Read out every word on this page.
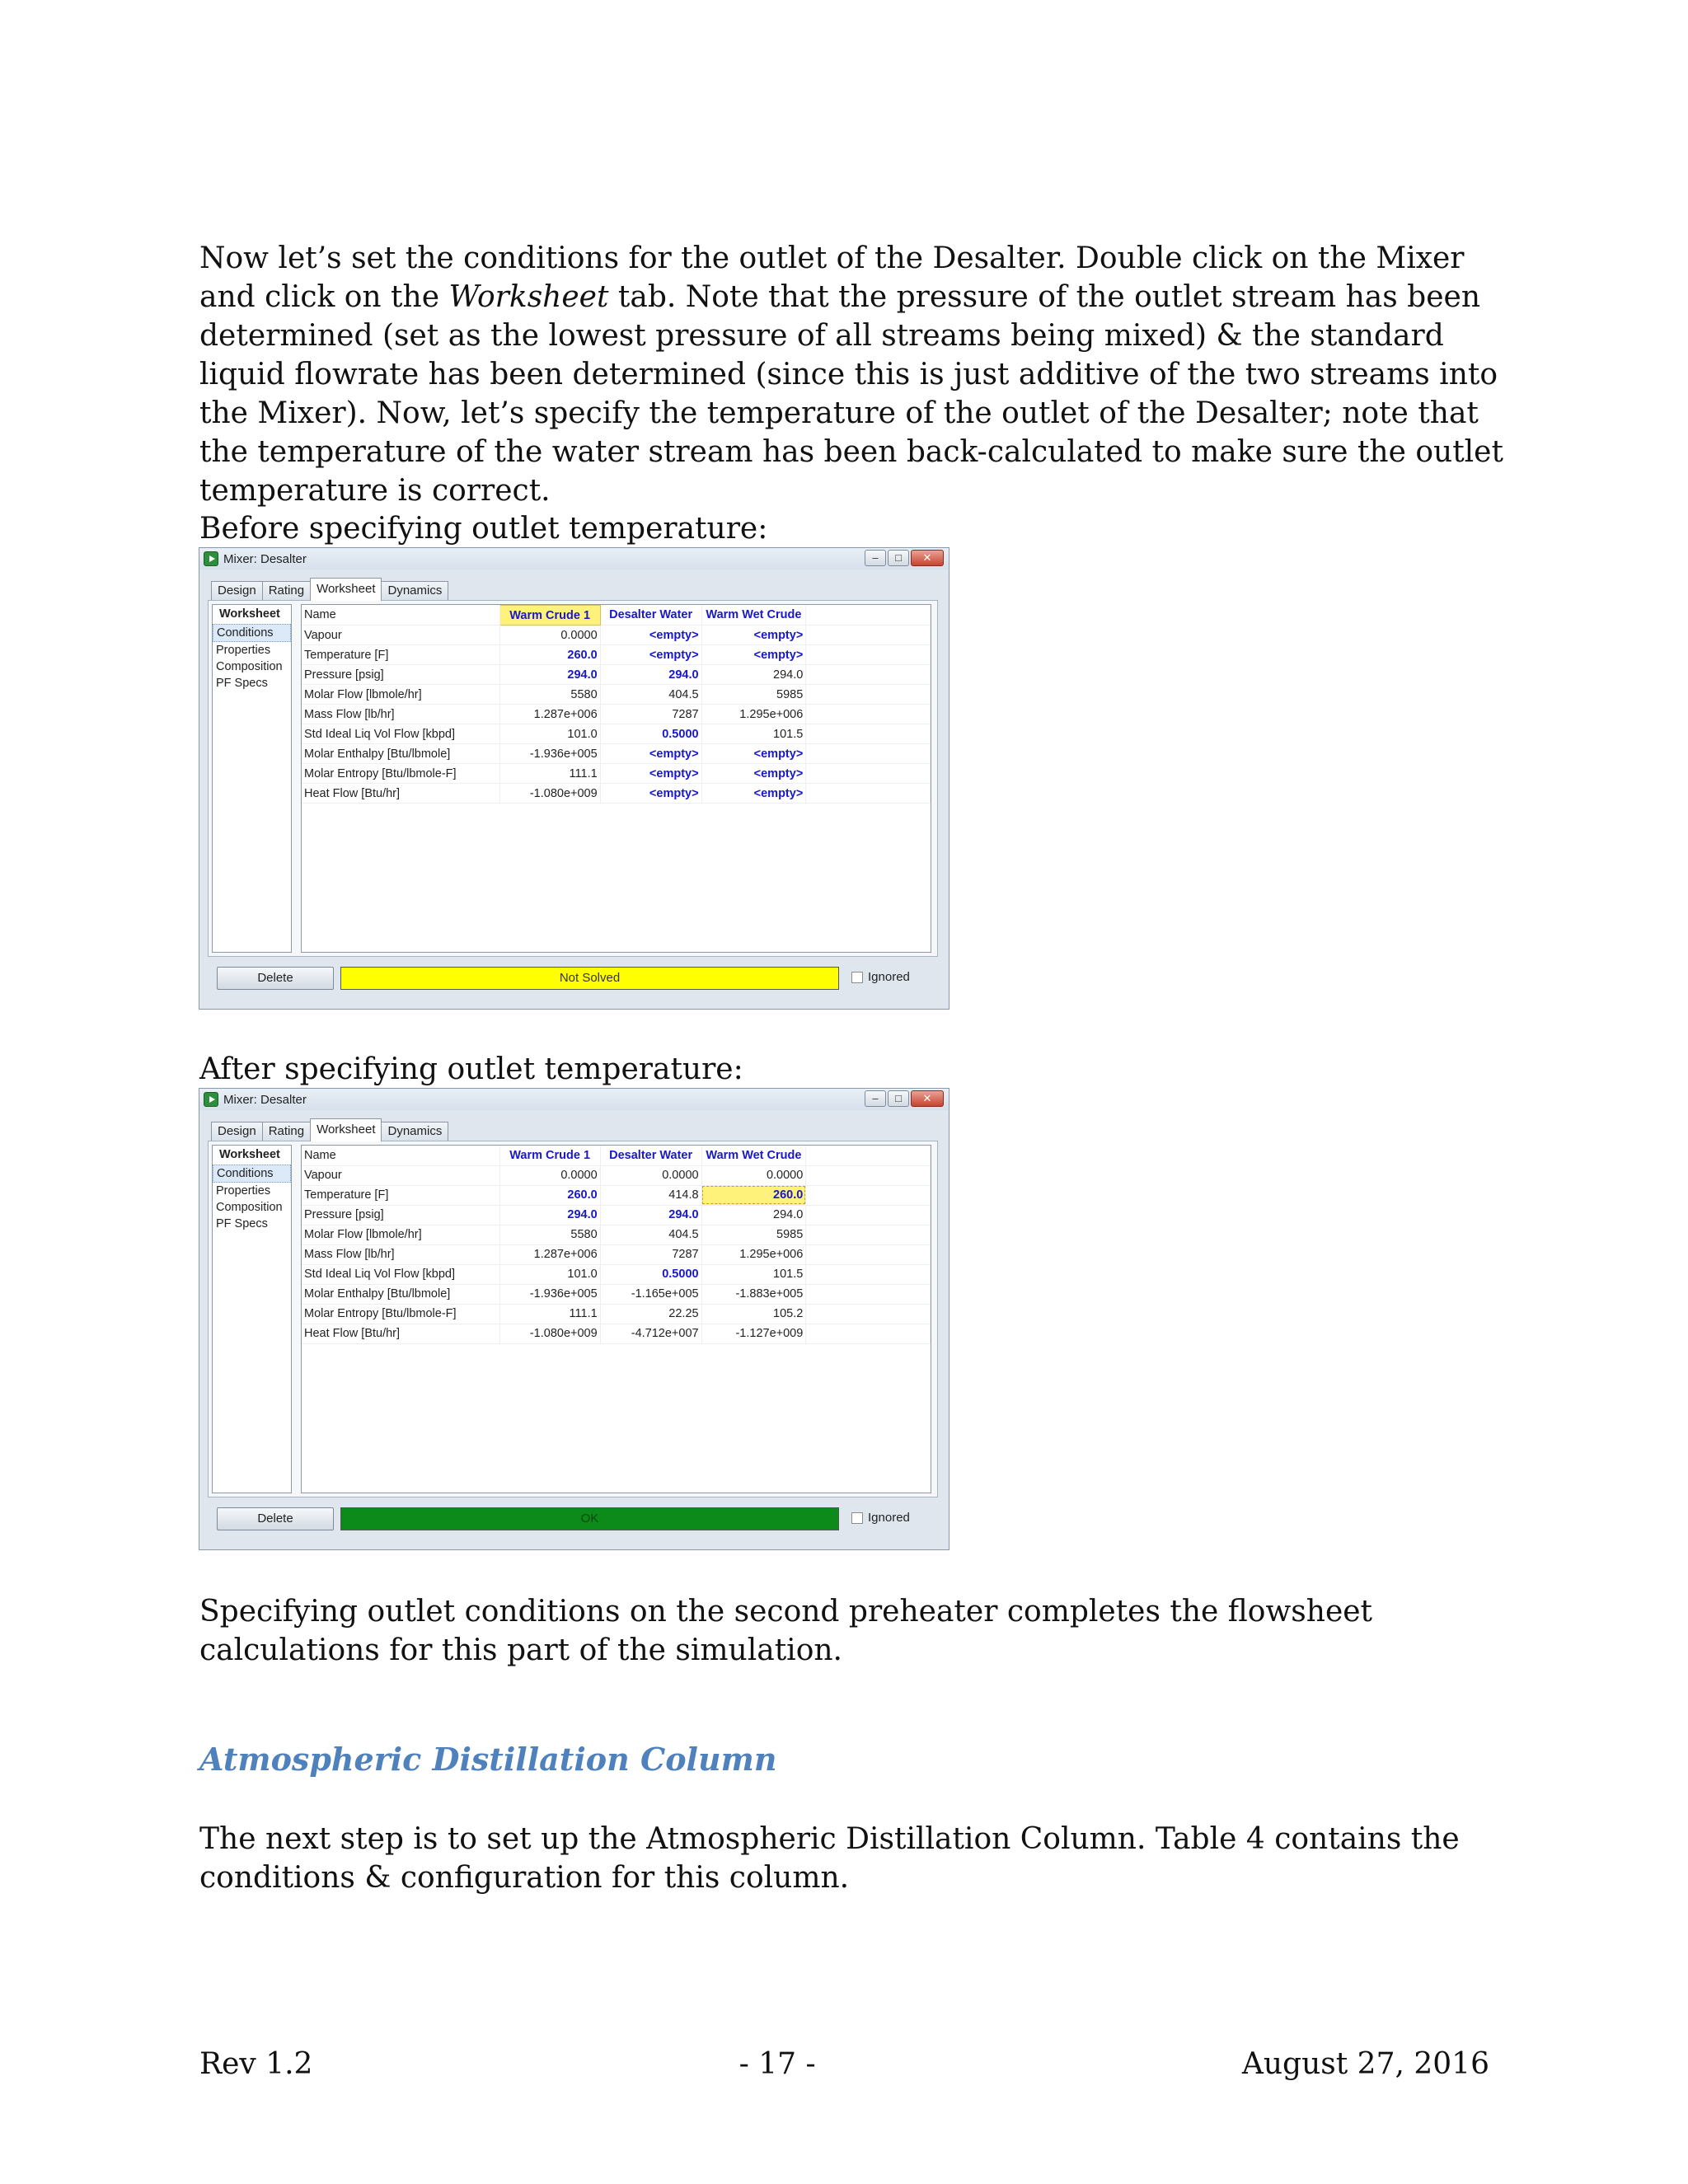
Now let’s set the conditions for the outlet of the Desalter. Double click on the Mixer and click on the Worksheet tab. Note that the pressure of the outlet stream has been determined (set as the lowest pressure of all streams being mixed) & the standard liquid flowrate has been determined (since this is just additive of the two streams into the Mixer). Now, let’s specify the temperature of the outlet of the Desalter; note that the temperature of the water stream has been back-calculated to make sure the outlet temperature is correct.

Before specifying outlet temperature:

Mixer: Desalter	–	□	✕
Design	Rating	Worksheet	Dynamics
Worksheet
Conditions
Properties
Composition
PF Specs
Name	Warm Crude 1	Desalter Water	Warm Wet Crude	
Vapour	0.0000	<empty>	<empty>	
Temperature [F]	260.0	<empty>	<empty>	
Pressure [psig]	294.0	294.0	294.0	
Molar Flow [lbmole/hr]	5580	404.5	5985	
Mass Flow [lb/hr]	1.287e+006	7287	1.295e+006	
Std Ideal Liq Vol Flow [kbpd]	101.0	0.5000	101.5	
Molar Enthalpy [Btu/lbmole]	-1.936e+005	<empty>	<empty>	
Molar Entropy [Btu/lbmole-F]	111.1	<empty>	<empty>	
Heat Flow [Btu/hr]	-1.080e+009	<empty>	<empty>	
Delete	Not Solved	Ignored

After specifying outlet temperature:

Mixer: Desalter	–	□	✕
Design	Rating	Worksheet	Dynamics
Worksheet
Conditions
Properties
Composition
PF Specs
Name	Warm Crude 1	Desalter Water	Warm Wet Crude	
Vapour	0.0000	0.0000	0.0000	
Temperature [F]	260.0	414.8	260.0	
Pressure [psig]	294.0	294.0	294.0	
Molar Flow [lbmole/hr]	5580	404.5	5985	
Mass Flow [lb/hr]	1.287e+006	7287	1.295e+006	
Std Ideal Liq Vol Flow [kbpd]	101.0	0.5000	101.5	
Molar Enthalpy [Btu/lbmole]	-1.936e+005	-1.165e+005	-1.883e+005	
Molar Entropy [Btu/lbmole-F]	111.1	22.25	105.2	
Heat Flow [Btu/hr]	-1.080e+009	-4.712e+007	-1.127e+009	
Delete	OK	Ignored

Specifying outlet conditions on the second preheater completes the flowsheet calculations for this part of the simulation.

Atmospheric Distillation Column

The next step is to set up the Atmospheric Distillation Column. Table 4 contains the conditions & configuration for this column.

Rev 1.2	- 17 -	August 27, 2016
